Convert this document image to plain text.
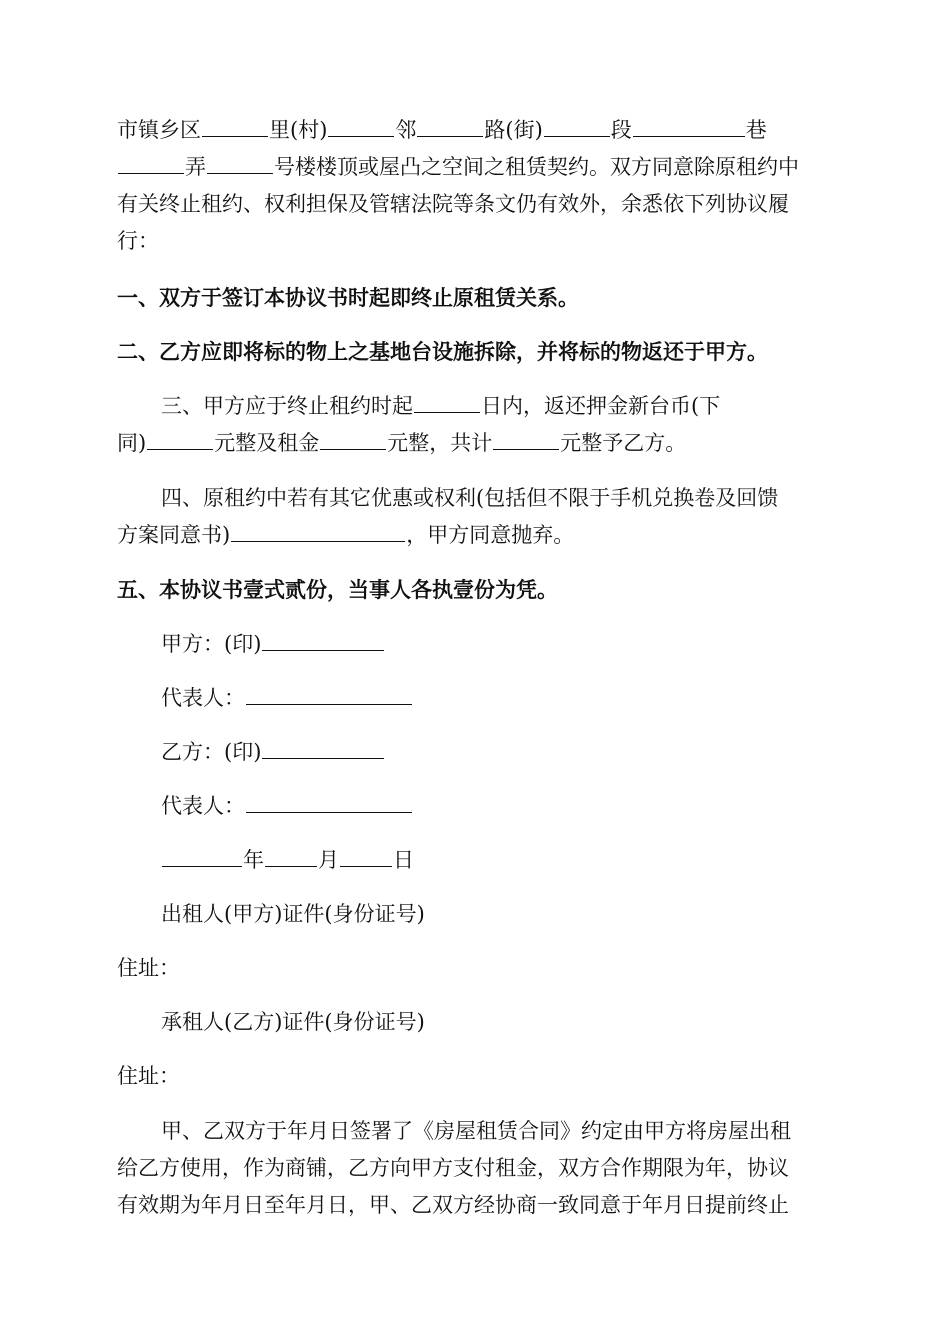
市镇乡区	里(村)	邻	路(街)	段	巷
弄	号楼楼顶或屋凸之空间之租赁契约。双方同意除原租约中
有关终止租约、权利担保及管辖法院等条文仍有效外，余悉依下列协议履
行：
一、双方于签订本协议书时起即终止原租赁关系。
二、乙方应即将标的物上之基地台设施拆除，并将标的物返还于甲方。
三、甲方应于终止租约时起	日内，返还押金新台币(下
同)	元整及租金	元整，共计	元整予乙方。
四、原租约中若有其它优惠或权利(包括但不限于手机兑换卷及回馈
方案同意书)	，甲方同意抛弃。
五、本协议书壹式贰份，当事人各执壹份为凭。
甲方：(印)
代表人：
乙方：(印)
代表人：
年	月	日
出租人(甲方)证件(身份证号)
住址：
承租人(乙方)证件(身份证号)
住址：
甲、乙双方于年月日签署了《房屋租赁合同》约定由甲方将房屋出租
给乙方使用，作为商铺，乙方向甲方支付租金，双方合作期限为年，协议
有效期为年月日至年月日，甲、乙双方经协商一致同意于年月日提前终止
